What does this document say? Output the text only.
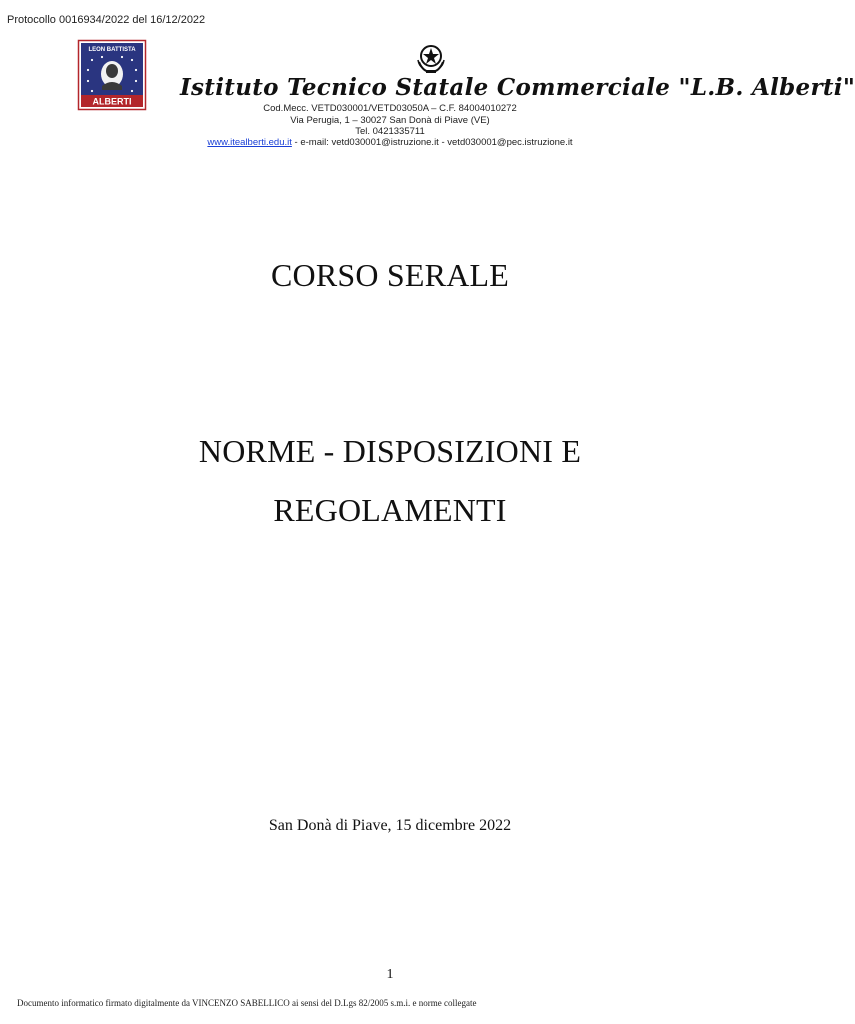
Protocollo 0016934/2022 del 16/12/2022
LEON BATTISTA
ALBERTI
Istituto Tecnico Statale Commerciale "L.B. Alberti"
Cod.Mecc. VETD030001/VETD03050A – C.F. 84004010272
Via Perugia, 1 – 30027 San Donà di Piave (VE)
Tel. 0421335711
www.itealberti.edu.it - e-mail: vetd030001@istruzione.it - vetd030001@pec.istruzione.it
CORSO SERALE
NORME - DISPOSIZIONI E
REGOLAMENTI
San Donà di Piave, 15 dicembre 2022
1
Documento informatico firmato digitalmente da VINCENZO SABELLICO ai sensi del D.Lgs 82/2005 s.m.i. e norme collegate
